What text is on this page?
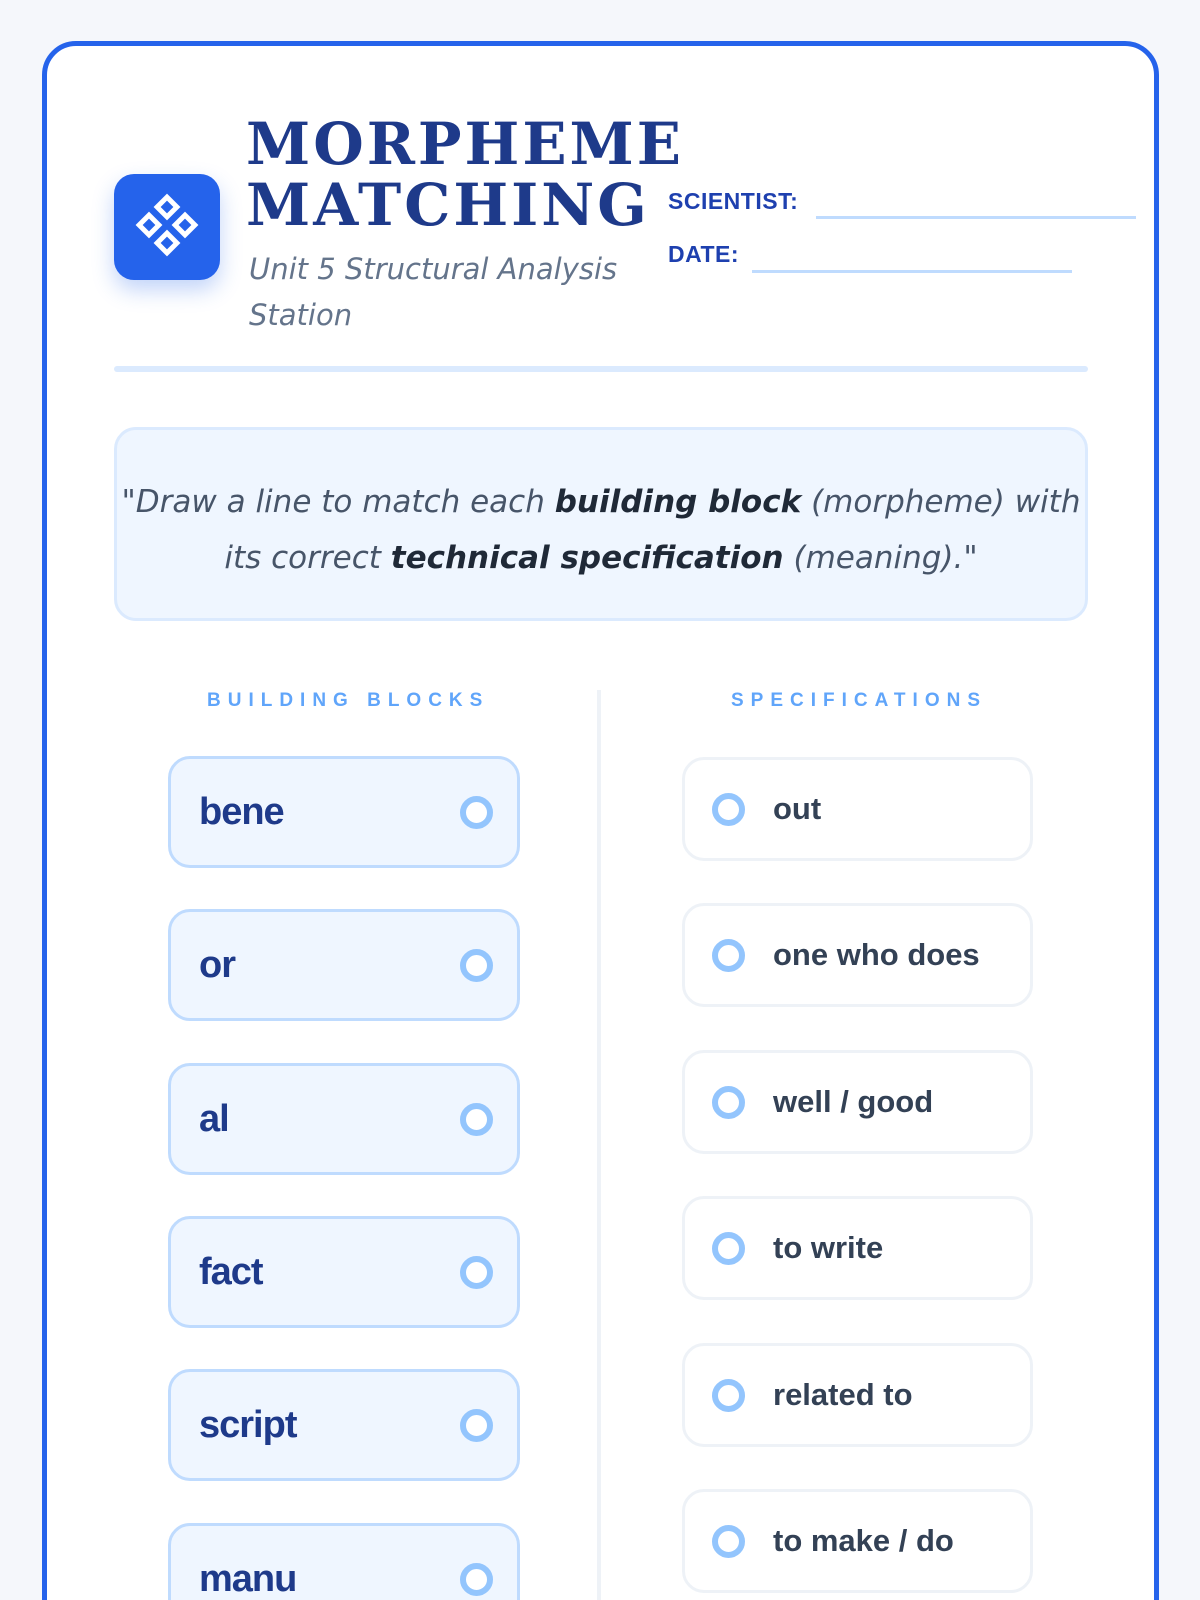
MORPHEME MATCHING
Unit 5 Structural Analysis Station
SCIENTIST:
DATE:
"Draw a line to match each building block (morpheme) with its correct technical specification (meaning)."
BUILDING BLOCKS	SPECIFICATIONS
bene
or
al
fact
script
manu
out
one who does
well / good
to write
related to
to make / do
